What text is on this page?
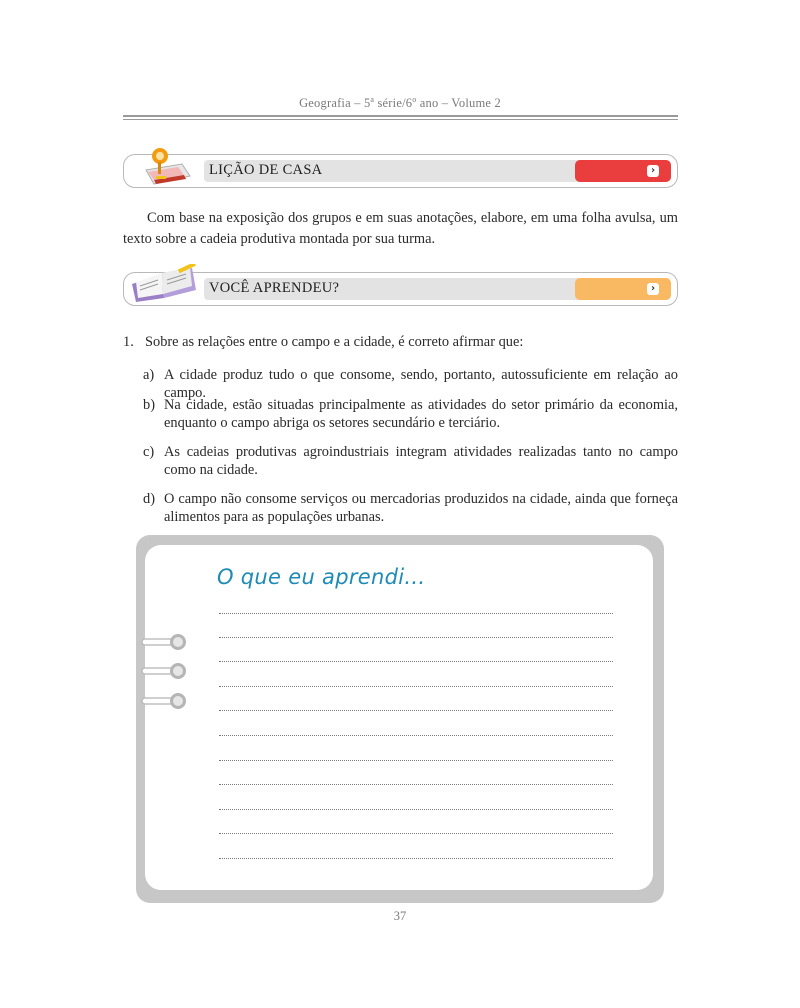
Geografia – 5$^a$ série/6$^o$ ano – Volume 2
LIÇÃO DE CASA	›
Com base na exposição dos grupos e em suas anotações, elabore, em uma folha avulsa, um texto sobre a cadeia produtiva montada por sua turma.
VOCÊ APRENDEU?	›
1. Sobre as relações entre o campo e a cidade, é correto afirmar que:
a) A cidade produz tudo o que consome, sendo, portanto, autossuficiente em relação ao campo.
b) Na cidade, estão situadas principalmente as atividades do setor primário da economia, enquanto o campo abriga os setores secundário e terciário.
c) As cadeias produtivas agroindustriais integram atividades realizadas tanto no campo como na cidade.
d) O campo não consome serviços ou mercadorias produzidos na cidade, ainda que forneça alimentos para as populações urbanas.
O que eu aprendi...
37
